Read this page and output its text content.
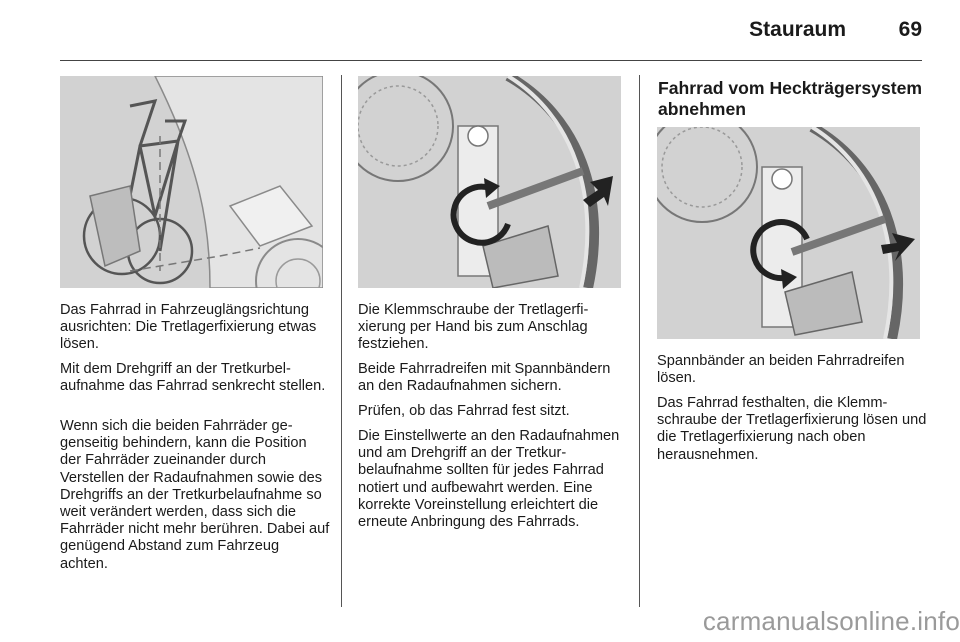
Stauraum	69

Das Fahrrad in Fahrzeuglängsrichtung ausrichten: Die Tretlagerfixierung etwas lösen.

Mit dem Drehgriff an der Tretkurbelaufnahme das Fahrrad senkrecht stellen.

Wenn sich die beiden Fahrräder gegenseitig behindern, kann die Position der Fahrräder zueinander durch Verstellen der Radaufnahmen sowie des Drehgriffs an der Tretkurbelaufnahme so weit verändert werden, dass sich die Fahrräder nicht mehr berühren. Dabei auf genügend Abstand zum Fahrzeug achten.

Die Klemmschraube der Tretlagerfixierung per Hand bis zum Anschlag festziehen.

Beide Fahrradreifen mit Spannbändern an den Radaufnahmen sichern.

Prüfen, ob das Fahrrad fest sitzt.

Die Einstellwerte an den Radaufnahmen und am Drehgriff an der Tretkurbelaufnahme sollten für jedes Fahrrad notiert und aufbewahrt werden. Eine korrekte Voreinstellung erleichtert die erneute Anbringung des Fahrrads.

Fahrrad vom Heckträgersystem abnehmen

Spannbänder an beiden Fahrradreifen lösen.

Das Fahrrad festhalten, die Klemmschraube der Tretlagerfixierung lösen und die Tretlagerfixierung nach oben herausnehmen.

carmanualsonline.info
